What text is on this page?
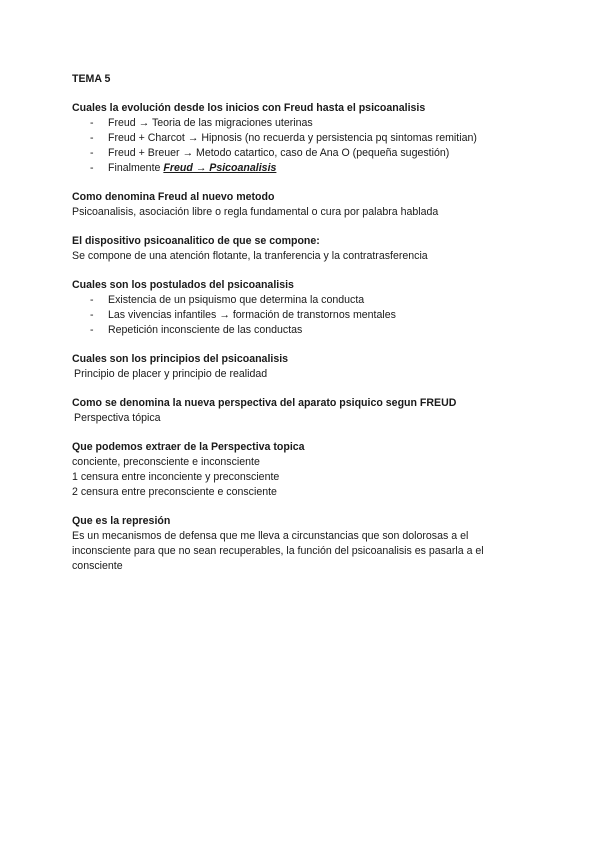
TEMA 5

Cuales la evolución desde los inicios con Freud hasta el psicoanalisis

- Freud → Teoria de las migraciones uterinas
- Freud + Charcot → Hipnosis (no recuerda y persistencia pq sintomas remitian)
- Freud + Breuer → Metodo catartico, caso de Ana O (pequeña sugestión)
- Finalmente Freud → Psicoanalisis

Como denomina Freud al nuevo metodo

Psicoanalisis, asociación libre o regla fundamental o cura por palabra hablada

El dispositivo psicoanalitico de que se compone:

Se compone de una atención flotante, la tranferencia y la contratrasferencia

Cuales son los postulados del psicoanalisis

- Existencia de un psiquismo que determina la conducta
- Las vivencias infantiles → formación de transtornos mentales
- Repetición inconsciente de las conductas

Cuales son los principios del psicoanalisis

Principio de placer y principio de realidad

Como se denomina la nueva perspectiva del aparato psiquico segun FREUD

Perspectiva tópica

Que podemos extraer de la Perspectiva topica

conciente, preconsciente e inconsciente

1 censura entre inconciente y preconsciente

2 censura entre preconsciente e consciente

Que es la represión

Es un mecanismos de defensa que me lleva a circunstancias que son dolorosas a el

inconsciente para que no sean recuperables, la función del psicoanalisis es pasarla a el

consciente
